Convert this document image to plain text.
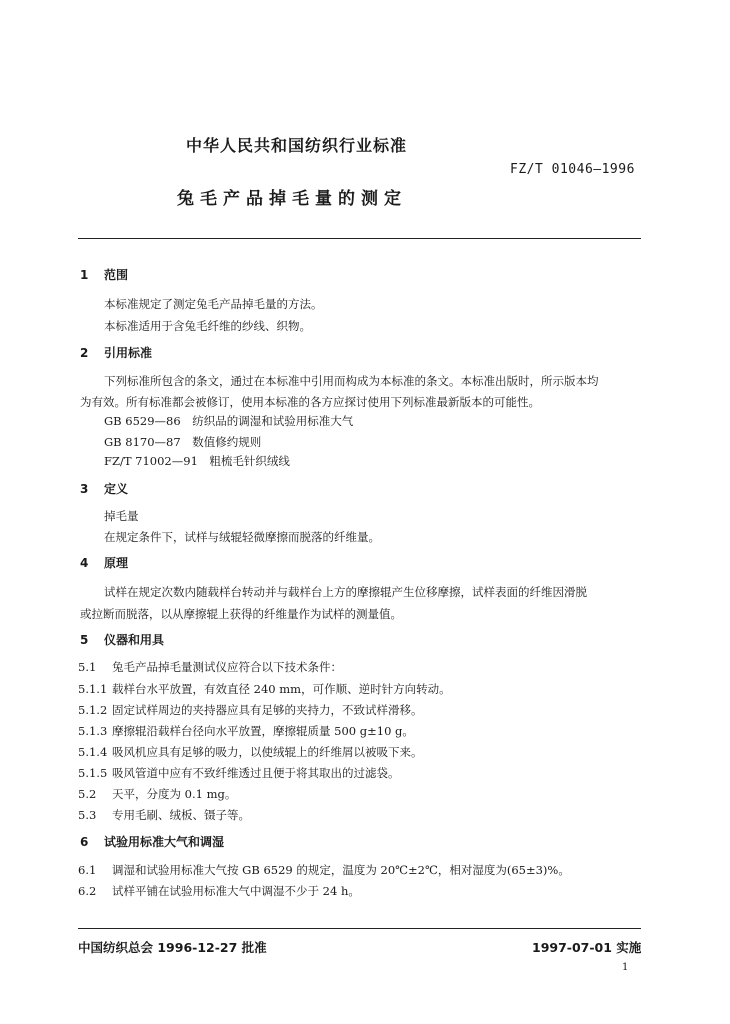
中华人民共和国纺织行业标准
FZ/T 01046—1996
兔毛产品掉毛量的测定
1 范围
本标准规定了测定兔毛产品掉毛量的方法。
本标准适用于含兔毛纤维的纱线、织物。
2 引用标准
下列标准所包含的条文，通过在本标准中引用而构成为本标准的条文。本标准出版时，所示版本均
为有效。所有标准都会被修订，使用本标准的各方应探讨使用下列标准最新版本的可能性。
GB 6529—86　纺织品的调湿和试验用标准大气
GB 8170—87　数值修约规则
FZ/T 71002—91　粗梳毛针织绒线
3 定义
掉毛量
在规定条件下，试样与绒辊轻微摩擦而脱落的纤维量。
4 原理
试样在规定次数内随载样台转动并与载样台上方的摩擦辊产生位移摩擦，试样表面的纤维因滑脱
或拉断而脱落，以从摩擦辊上获得的纤维量作为试样的测量值。
5 仪器和用具
5.1 兔毛产品掉毛量测试仪应符合以下技术条件：
5.1.1 载样台水平放置，有效直径 240 mm，可作顺、逆时针方向转动。
5.1.2 固定试样周边的夹持器应具有足够的夹持力，不致试样滑移。
5.1.3 摩擦辊沿载样台径向水平放置，摩擦辊质量 500 g±10 g。
5.1.4 吸风机应具有足够的吸力，以使绒辊上的纤维屑以被吸下来。
5.1.5 吸风管道中应有不致纤维透过且便于将其取出的过滤袋。
5.2 天平，分度为 0.1 mg。
5.3 专用毛刷、绒板、镊子等。
6 试验用标准大气和调湿
6.1 调湿和试验用标准大气按 GB 6529 的规定，温度为 20℃±2℃，相对湿度为(65±3)%。
6.2 试样平铺在试验用标准大气中调湿不少于 24 h。
中国纺织总会 1996-12-27 批准	1997-07-01 实施
1
